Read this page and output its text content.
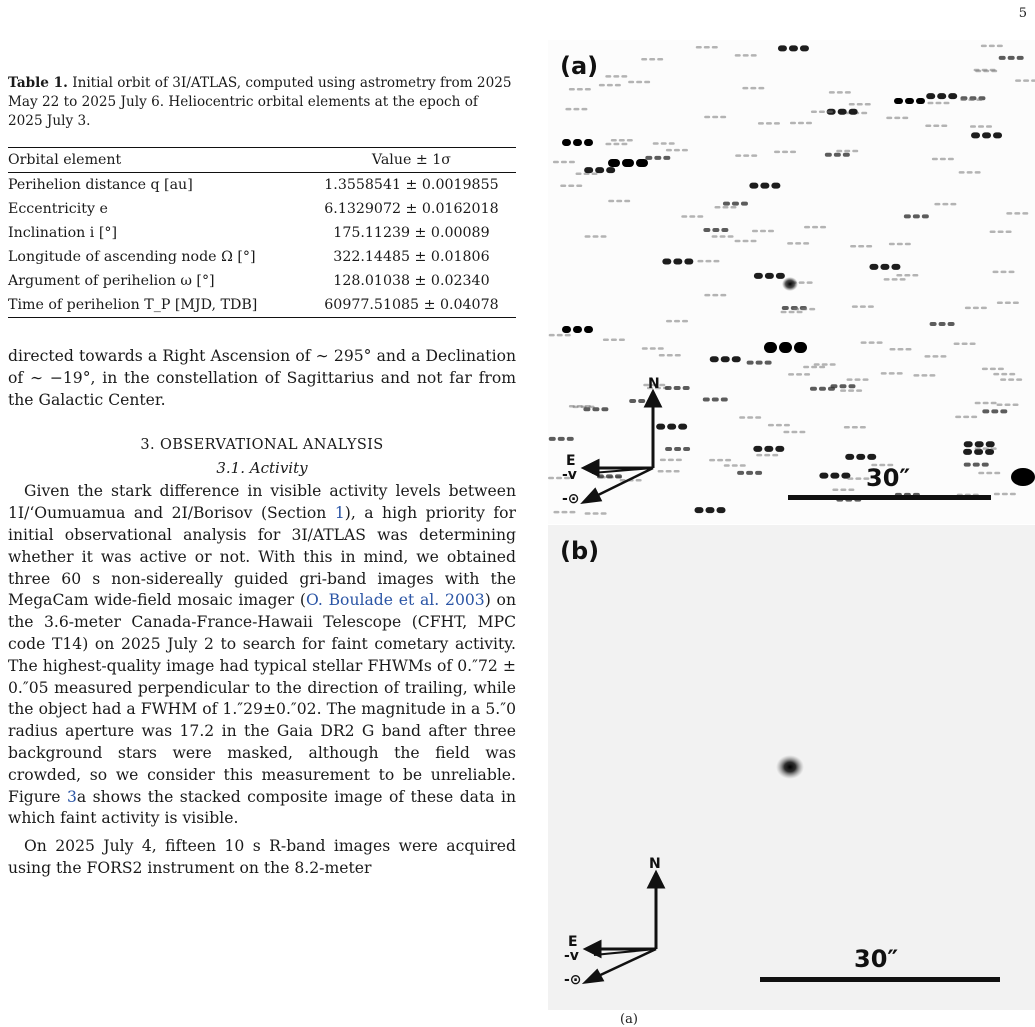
5

Table 1. Initial orbit of 3I/ATLAS, computed using astrometry from 2025 May 22 to 2025 July 6. Heliocentric orbital elements at the epoch of 2025 July 3.

Orbital element	Value ± 1σ
Perihelion distance q [au]	1.3558541 ± 0.0019855
Eccentricity e	6.1329072 ± 0.0162018
Inclination i [°]	175.11239 ± 0.00089
Longitude of ascending node Ω [°]	322.14485 ± 0.01806
Argument of perihelion ω [°]	128.01038 ± 0.02340
Time of perihelion T_P [MJD, TDB]	60977.51085 ± 0.04078

directed towards a Right Ascension of ∼ 295° and a Declination of ∼ −19°, in the constellation of Sagittarius and not far from the Galactic Center.

3. OBSERVATIONAL ANALYSIS

3.1. Activity

Given the stark difference in visible activity levels between 1I/‘Oumuamua and 2I/Borisov (Section 1), a high priority for initial observational analysis for 3I/ATLAS was determining whether it was active or not. With this in mind, we obtained three 60 s non-sidereally guided gri-band images with the MegaCam wide-field mosaic imager (O. Boulade et al. 2003) on the 3.6-meter Canada-France-Hawaii Telescope (CFHT, MPC code T14) on 2025 July 2 to search for faint cometary activity. The highest-quality image had typical stellar FHWMs of 0.″72 ± 0.″05 measured perpendicular to the direction of trailing, while the object had a FWHM of 1.″29±0.″02. The magnitude in a 5.″0 radius aperture was 17.2 in the Gaia DR2 G band after three background stars were masked, although the field was crowded, so we consider this measurement to be unreliable. Figure 3a shows the stacked composite image of these data in which faint activity is visible.

On 2025 July 4, fifteen 10 s R-band images were acquired using the FORS2 instrument on the 8.2-meter

(a)
N
E
-v
-⊙
30″
(b)
N
E
-v
-⊙
30″
(a)
